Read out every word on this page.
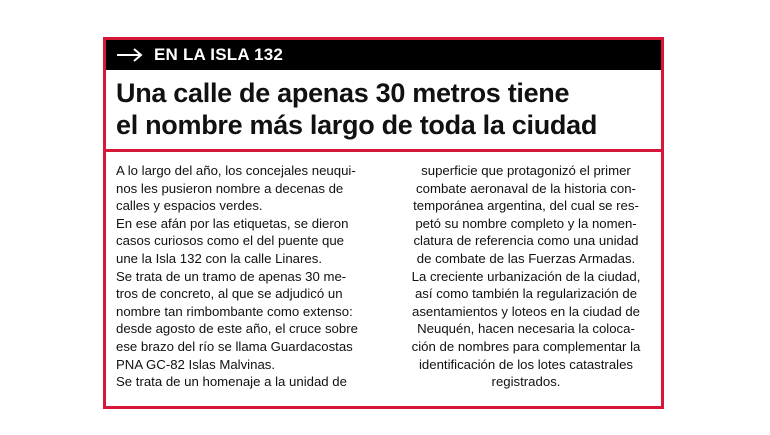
EN LA ISLA 132
Una calle de apenas 30 metros tiene
el nombre más largo de toda la ciudad

A lo largo del año, los concejales neuqui-

nos les pusieron nombre a decenas de

calles y espacios verdes.

En ese afán por las etiquetas, se dieron

casos curiosos como el del puente que

une la Isla 132 con la calle Linares.

Se trata de un tramo de apenas 30 me-

tros de concreto, al que se adjudicó un

nombre tan rimbombante como extenso:

desde agosto de este año, el cruce sobre

ese brazo del río se llama Guardacostas

PNA GC-82 Islas Malvinas.

Se trata de un homenaje a la unidad de

superficie que protagonizó el primer

combate aeronaval de la historia con-

temporánea argentina, del cual se res-

petó su nombre completo y la nomen-

clatura de referencia como una unidad

de combate de las Fuerzas Armadas.

La creciente urbanización de la ciudad,

así como también la regularización de

asentamientos y loteos en la ciudad de

Neuquén, hacen necesaria la coloca-

ción de nombres para complementar la

identificación de los lotes catastrales

registrados.
